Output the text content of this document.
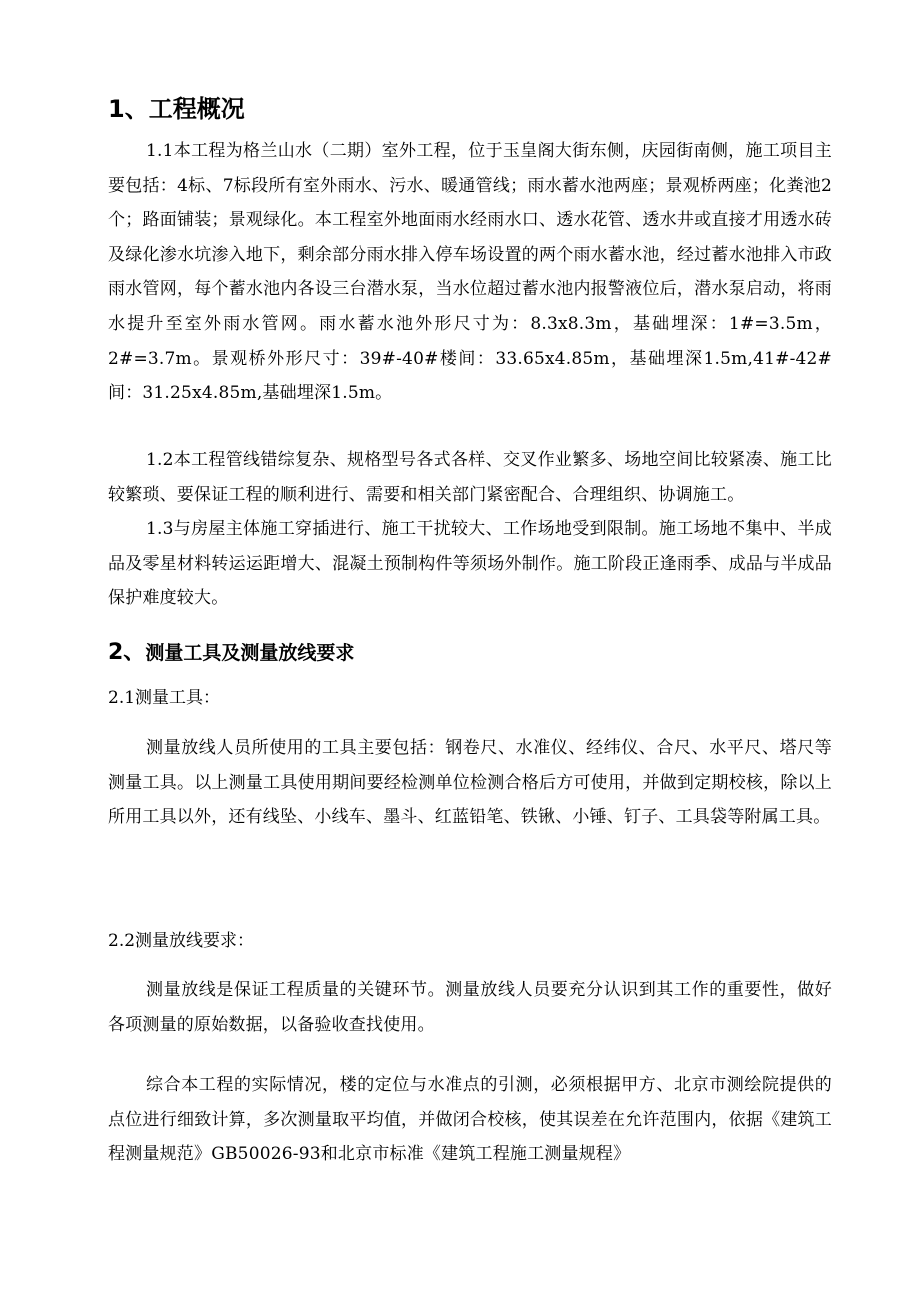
1、工程概况
1.1本工程为格兰山水（二期）室外工程，位于玉皇阁大街东侧，庆园街南侧，施工项目主要包括：4标、7标段所有室外雨水、污水、暖通管线；雨水蓄水池两座；景观桥两座；化粪池2个；路面铺装；景观绿化。本工程室外地面雨水经雨水口、透水花管、透水井或直接才用透水砖及绿化渗水坑渗入地下，剩余部分雨水排入停车场设置的两个雨水蓄水池，经过蓄水池排入市政雨水管网，每个蓄水池内各设三台潜水泵，当水位超过蓄水池内报警液位后，潜水泵启动，将雨水提升至室外雨水管网。雨水蓄水池外形尺寸为：8.3x8.3m，基础埋深：1#=3.5m，2#=3.7m。景观桥外形尺寸：39#-40#楼间：33.65x4.85m，基础埋深1.5m,41#-42#间：31.25x4.85m,基础埋深1.5m。
1.2本工程管线错综复杂、规格型号各式各样、交叉作业繁多、场地空间比较紧凑、施工比较繁琐、要保证工程的顺利进行、需要和相关部门紧密配合、合理组织、协调施工。
1.3与房屋主体施工穿插进行、施工干扰较大、工作场地受到限制。施工场地不集中、半成品及零星材料转运运距增大、混凝土预制构件等须场外制作。施工阶段正逢雨季、成品与半成品保护难度较大。
2、测量工具及测量放线要求
2.1测量工具：
测量放线人员所使用的工具主要包括：钢卷尺、水准仪、经纬仪、合尺、水平尺、塔尺等测量工具。以上测量工具使用期间要经检测单位检测合格后方可使用，并做到定期校核，除以上所用工具以外，还有线坠、小线车、墨斗、红蓝铅笔、铁锹、小锤、钉子、工具袋等附属工具。
2.2测量放线要求：
测量放线是保证工程质量的关键环节。测量放线人员要充分认识到其工作的重要性，做好各项测量的原始数据，以备验收查找使用。
综合本工程的实际情况，楼的定位与水准点的引测，必须根据甲方、北京市测绘院提供的点位进行细致计算，多次测量取平均值，并做闭合校核，使其误差在允许范围内，依据《建筑工程测量规范》GB50026-93和北京市标准《建筑工程施工测量规程》
